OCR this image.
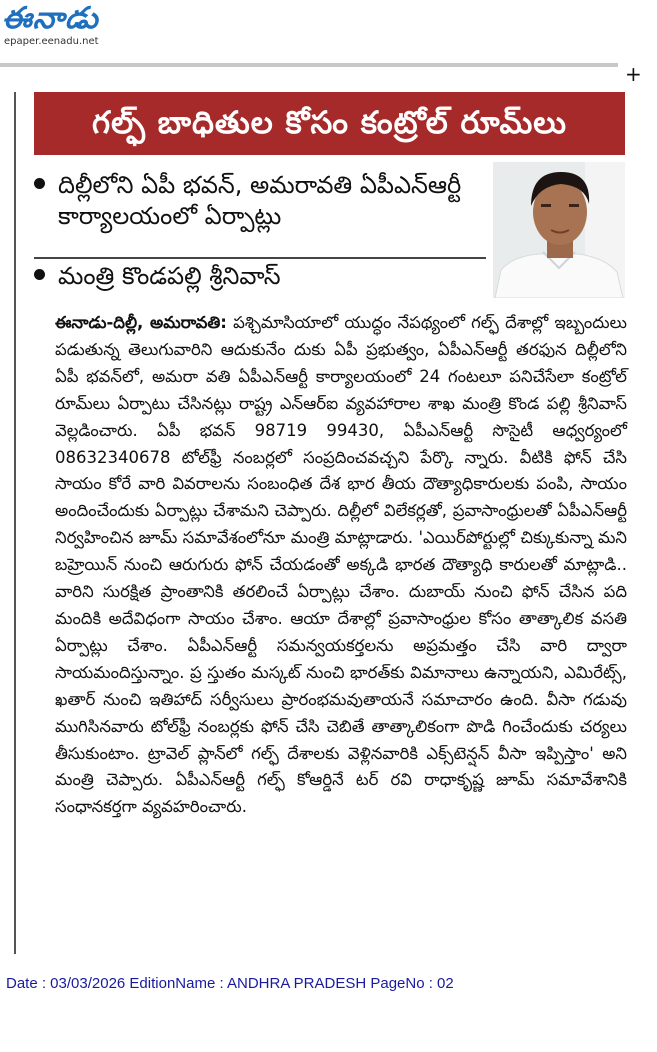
ఈనాడు
epaper.eenadu.net
+
గల్ఫ్ బాధితుల కోసం కంట్రోల్ రూమ్‌లు
దిల్లీలోని ఏపీ భవన్, అమరావతి ఏపీఎన్ఆర్టీ కార్యాలయంలో ఏర్పాట్లు
మంత్రి కొండపల్లి శ్రీనివాస్
ఈనాడు-దిల్లీ, అమరావతి: పశ్చిమాసియాలో యుద్ధం నేపథ్యంలో గల్ఫ్ దేశాల్లో ఇబ్బందులు పడుతున్న తెలుగువారిని ఆదుకునేం దుకు ఏపీ ప్రభుత్వం, ఏపీఎన్ఆర్టీ తరఫున దిల్లీలోని ఏపీ భవన్‌లో, అమరా వతి ఏపీఎన్ఆర్టీ కార్యాలయంలో 24 గంటలూ పనిచేసేలా కంట్రోల్ రూమ్‌లు ఏర్పాటు చేసినట్లు రాష్ట్ర ఎన్ఆర్ఐ వ్యవహారాల శాఖ మంత్రి కొండ పల్లి శ్రీనివాస్ వెల్లడించారు. ఏపీ భవన్ 98719 99430, ఏపీఎన్ఆర్టీ సొసైటీ ఆధ్వర్యంలో 08632340678 టోల్‌ఫ్రీ నంబర్లలో సంప్రదించవచ్చని పేర్కొ న్నారు. వీటికి ఫోన్ చేసి సాయం కోరే వారి వివరాలను సంబంధిత దేశ భార తీయ దౌత్యాధికారులకు పంపి, సాయం అందించేందుకు ఏర్పాట్లు చేశామని చెప్పారు. దిల్లీలో విలేకర్లతో, ప్రవాసాంధ్రులతో ఏపీఎన్ఆర్టీ నిర్వహించిన జూమ్ సమావేశంలోనూ మంత్రి మాట్లాడారు. 'ఎయిర్‌పోర్టుల్లో చిక్కుకున్నా మని బహ్రెయిన్ నుంచి ఆరుగురు ఫోన్ చేయడంతో అక్కడి భారత దౌత్యాధి కారులతో మాట్లాడి.. వారిని సురక్షిత ప్రాంతానికి తరలించే ఏర్పాట్లు చేశాం. దుబాయ్ నుంచి ఫోన్ చేసిన పది మందికి అదేవిధంగా సాయం చేశాం. ఆయా దేశాల్లో ప్రవాసాంధ్రుల కోసం తాత్కాలిక వసతి ఏర్పాట్లు చేశాం. ఏపీఎన్ఆర్టీ సమన్వయకర్తలను అప్రమత్తం చేసి వారి ద్వారా సాయమందిస్తున్నాం. ప్ర స్తుతం మస్కట్ నుంచి భారత్‌కు విమానాలు ఉన్నాయని, ఎమిరేట్స్, ఖతార్ నుంచి ఇతిహాద్ సర్వీసులు ప్రారంభమవుతాయనే సమాచారం ఉంది. వీసా గడువు ముగిసినవారు టోల్‌ఫ్రీ నంబర్లకు ఫోన్ చేసి చెబితే తాత్కాలికంగా పొడి గించేందుకు చర్యలు తీసుకుంటాం. ట్రావెల్ ప్లాన్‌లో గల్ఫ్ దేశాలకు వెళ్లినవారికి ఎక్స్‌టెన్షన్ వీసా ఇప్పిస్తాం' అని మంత్రి చెప్పారు. ఏపీఎన్ఆర్టీ గల్ఫ్ కోఆర్డినే టర్ రవి రాధాకృష్ణ జూమ్ సమావేశానికి సంధానకర్తగా వ్యవహరించారు.
Date : 03/03/2026 EditionName : ANDHRA PRADESH PageNo : 02
